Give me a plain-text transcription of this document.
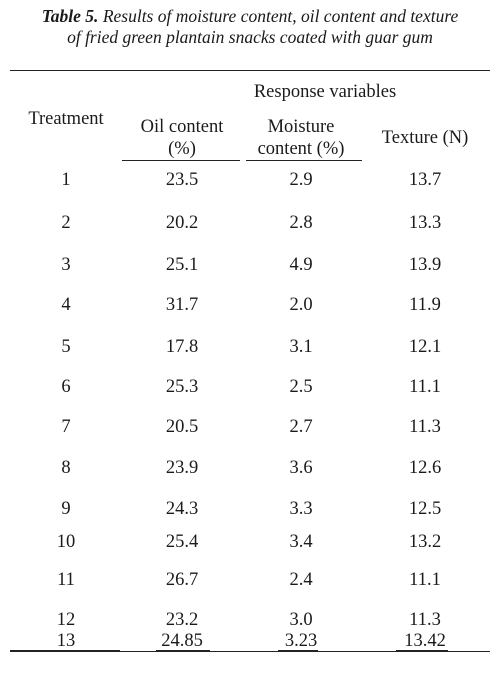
Table 5. Results of moisture content, oil content and texture
of fried green plantain snacks coated with guar gum
Treatment
Response variables
Oil content
(%)
Moisture
content (%)
Texture (N)
1	23.5	2.9	13.7
2	20.2	2.8	13.3
3	25.1	4.9	13.9
4	31.7	2.0	11.9
5	17.8	3.1	12.1
6	25.3	2.5	11.1
7	20.5	2.7	11.3
8	23.9	3.6	12.6
9	24.3	3.3	12.5
10	25.4	3.4	13.2
11	26.7	2.4	11.1
12	23.2	3.0	11.3
13	24.85	3.23	13.42
